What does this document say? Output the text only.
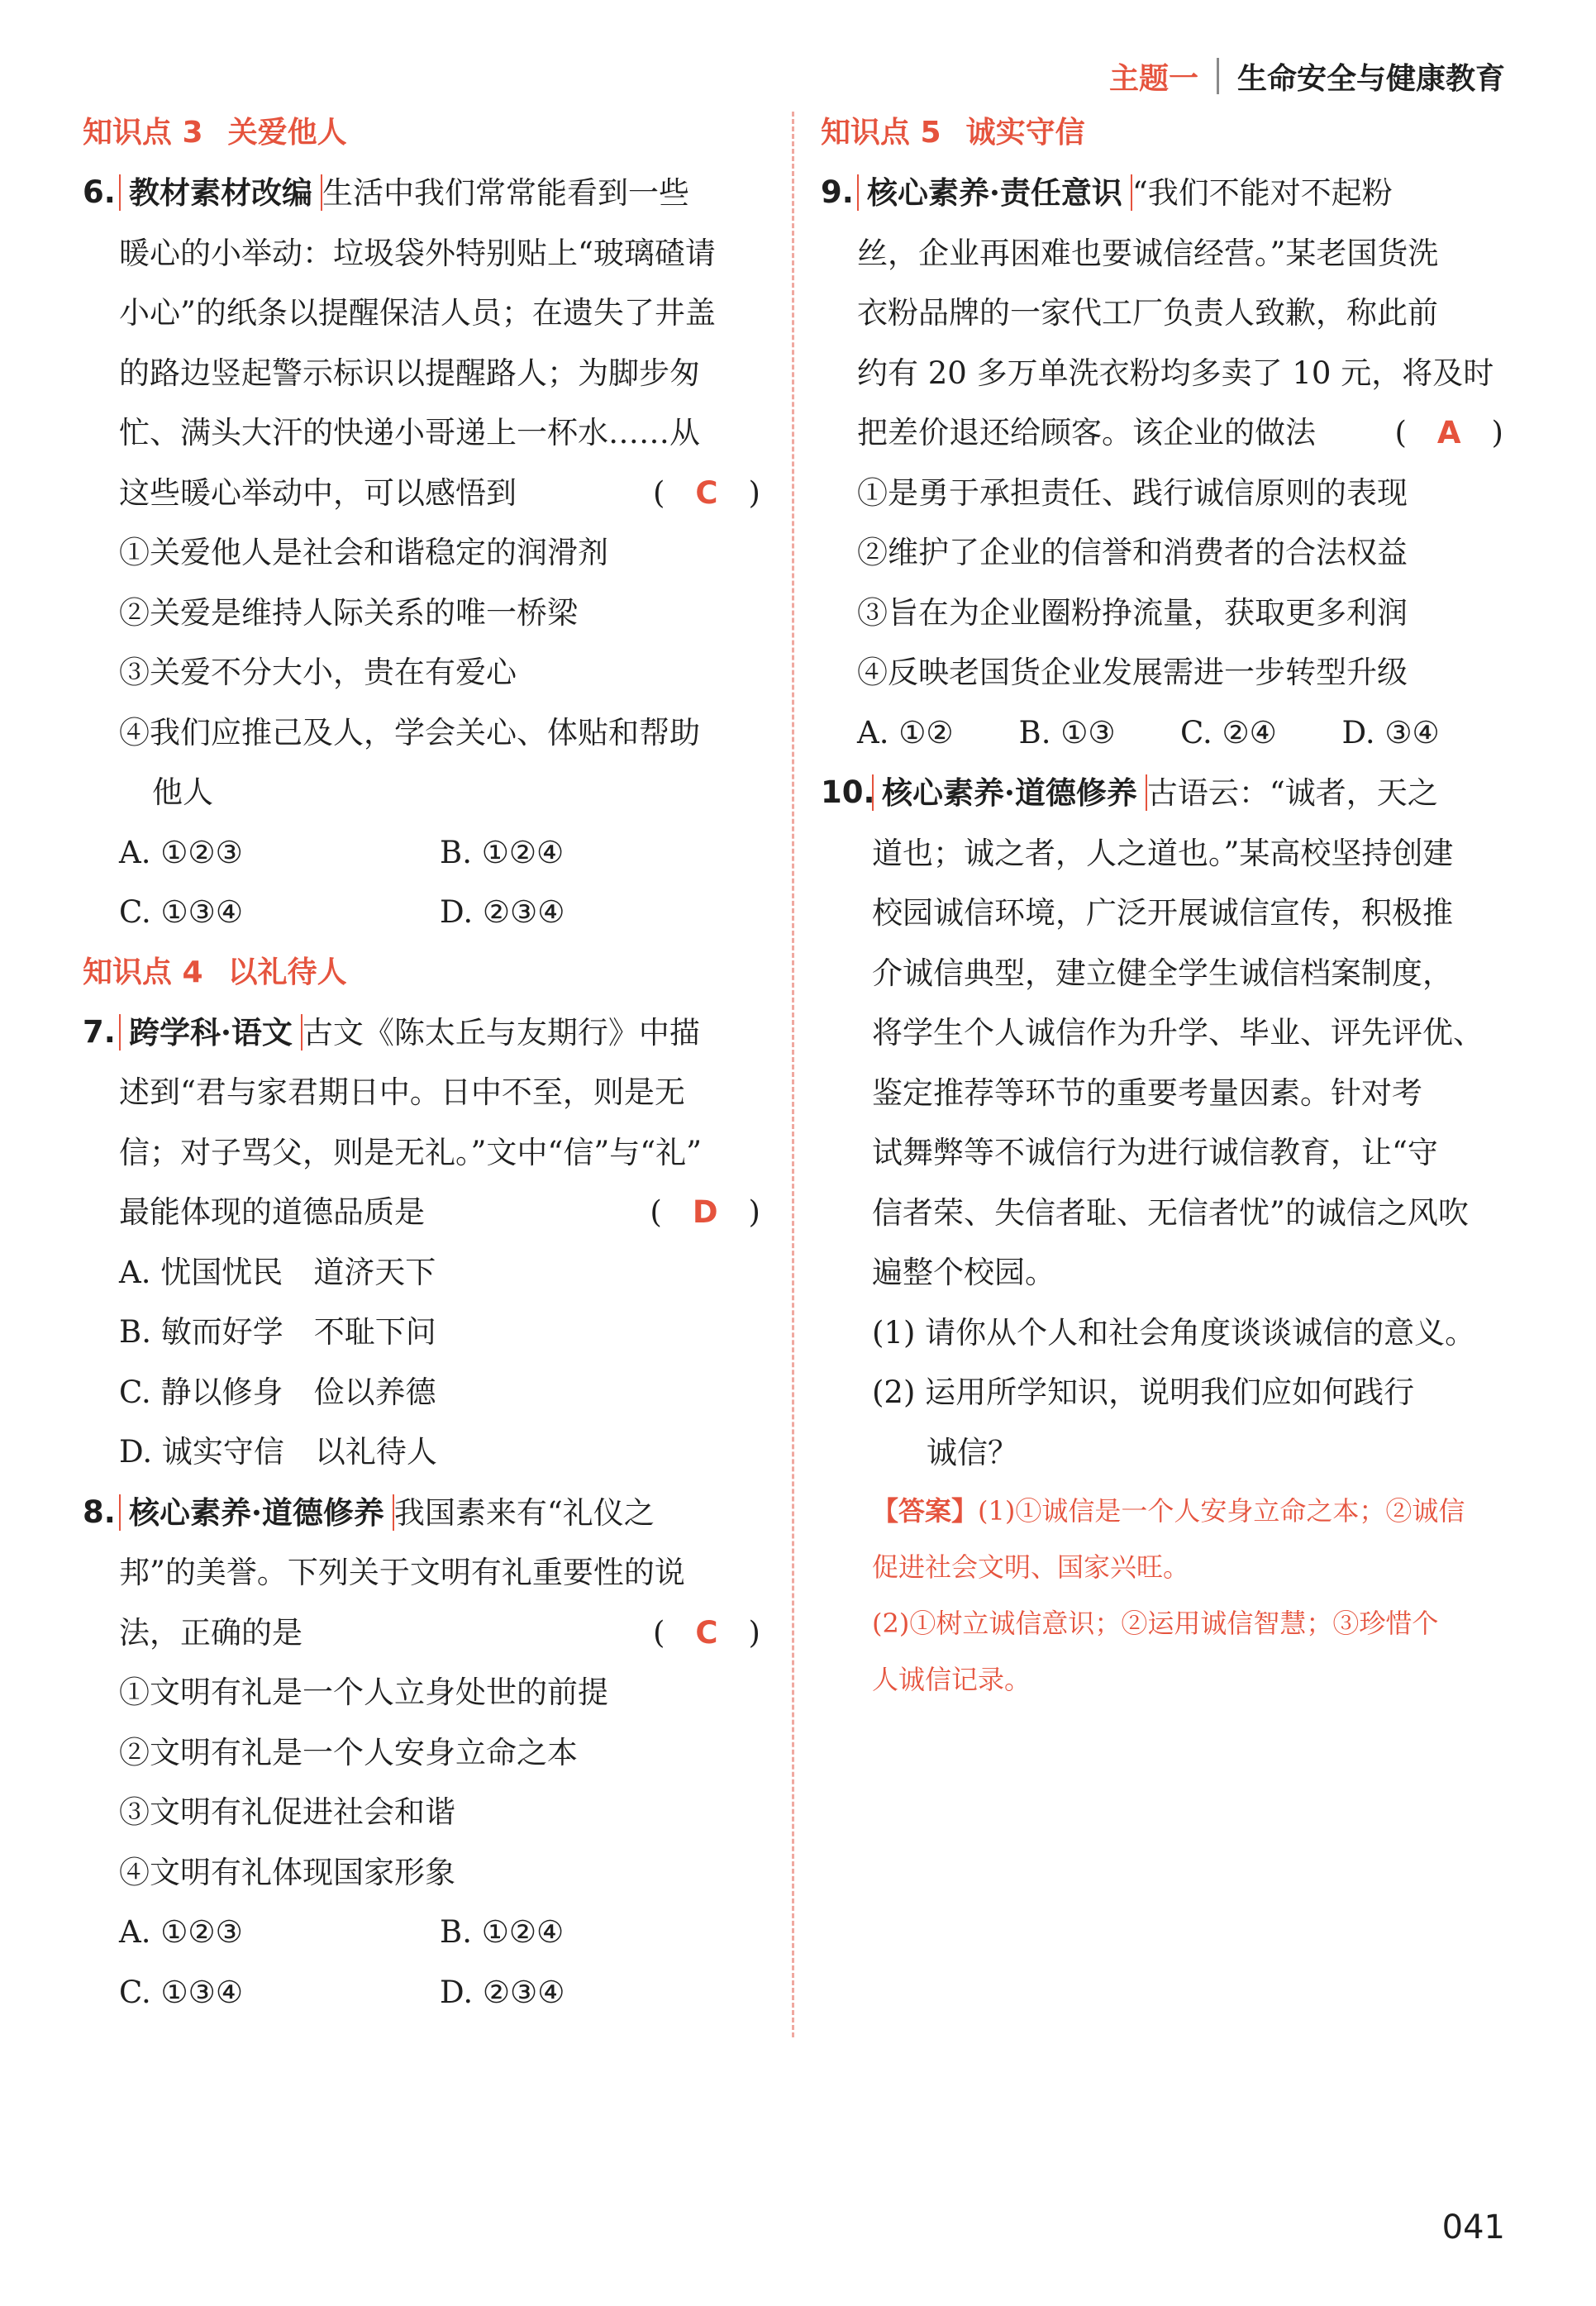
主题一 生命安全与健康教育
知识点 3 关爱他人
6. 教材素材改编 生活中我们常常能看到一些
暖心的小举动：垃圾袋外特别贴上“玻璃碴请
小心”的纸条以提醒保洁人员；在遗失了井盖
的路边竖起警示标识以提醒路人；为脚步匆
忙、满头大汗的快递小哥递上一杯水……从
这些暖心举动中，可以感悟到	(　C　)
①关爱他人是社会和谐稳定的润滑剂
②关爱是维持人际关系的唯一桥梁
③关爱不分大小，贵在有爱心
④我们应推己及人，学会关心、体贴和帮助
他人
A. ①②③	B. ①②④
C. ①③④	D. ②③④
知识点 4 以礼待人
7. 跨学科·语文 古文《陈太丘与友期行》中描
述到“君与家君期日中。日中不至，则是无
信；对子骂父，则是无礼。”文中“信”与“礼”
最能体现的道德品质是	(　D　)
A. 忧国忧民　道济天下
B. 敏而好学　不耻下问
C. 静以修身　俭以养德
D. 诚实守信　以礼待人
8. 核心素养·道德修养 我国素来有“礼仪之
邦”的美誉。下列关于文明有礼重要性的说
法，正确的是	(　C　)
①文明有礼是一个人立身处世的前提
②文明有礼是一个人安身立命之本
③文明有礼促进社会和谐
④文明有礼体现国家形象
A. ①②③	B. ①②④
C. ①③④	D. ②③④
知识点 5 诚实守信
9. 核心素养·责任意识 “我们不能对不起粉
丝，企业再困难也要诚信经营。”某老国货洗
衣粉品牌的一家代工厂负责人致歉，称此前
约有 20 多万单洗衣粉均多卖了 10 元，将及时
把差价退还给顾客。该企业的做法	(　A　)
①是勇于承担责任、践行诚信原则的表现
②维护了企业的信誉和消费者的合法权益
③旨在为企业圈粉挣流量，获取更多利润
④反映老国货企业发展需进一步转型升级
A. ①②	B. ①③	C. ②④	D. ③④
10. 核心素养·道德修养 古语云：“诚者，天之
道也；诚之者，人之道也。”某高校坚持创建
校园诚信环境，广泛开展诚信宣传，积极推
介诚信典型，建立健全学生诚信档案制度，
将学生个人诚信作为升学、毕业、评先评优、
鉴定推荐等环节的重要考量因素。针对考
试舞弊等不诚信行为进行诚信教育，让“守
信者荣、失信者耻、无信者忧”的诚信之风吹
遍整个校园。
(1) 请你从个人和社会角度谈谈诚信的意义。
(2) 运用所学知识，说明我们应如何践行
诚信？
【答案】(1)①诚信是一个人安身立命之本；②诚信
促进社会文明、国家兴旺。
(2)①树立诚信意识；②运用诚信智慧；③珍惜个
人诚信记录。
041
